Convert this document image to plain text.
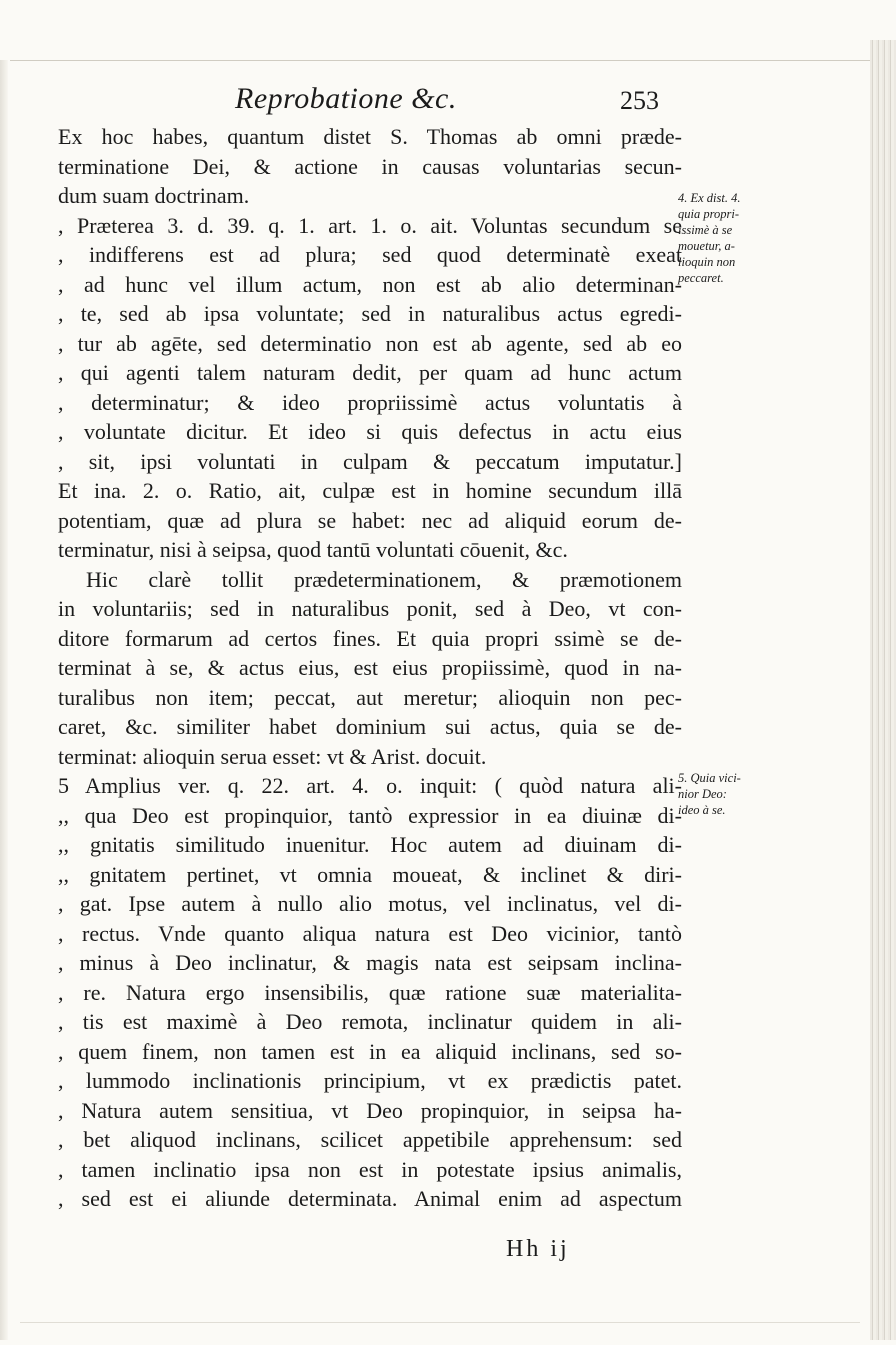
Reprobatione &c.	253
Ex hoc habes, quantum distet S. Thomas ab omni præde-
terminatione Dei, & actione in causas voluntarias secun-
dum suam doctrinam.
, Præterea 3. d. 39. q. 1. art. 1. o. ait. Voluntas secundum se
, indifferens est ad plura; sed quod determinatè exeat
, ad hunc vel illum actum, non est ab alio determinan-
, te, sed ab ipsa voluntate; sed in naturalibus actus egredi-
, tur ab agēte, sed determinatio non est ab agente, sed ab eo
, qui agenti talem naturam dedit, per quam ad hunc actum
, determinatur; & ideo propriissimè actus voluntatis à
, voluntate dicitur. Et ideo si quis defectus in actu eius
, sit, ipsi voluntati in culpam & peccatum imputatur.]
Et ina. 2. o. Ratio, ait, culpæ est in homine secundum illā
potentiam, quæ ad plura se habet: nec ad aliquid eorum de-
terminatur, nisi à seipsa, quod tantū voluntati cōuenit, &c.
Hic clarè tollit prædeterminationem, & præmotionem
in voluntariis; sed in naturalibus ponit, sed à Deo, vt con-
ditore formarum ad certos fines. Et quia propri ssimè se de-
terminat à se, & actus eius, est eius propiissimè, quod in na-
turalibus non item; peccat, aut meretur; alioquin non pec-
caret, &c. similiter habet dominium sui actus, quia se de-
terminat: alioquin serua esset: vt & Arist. docuit.
5 Amplius ver. q. 22. art. 4. o. inquit: ( quòd natura ali-
,, qua Deo est propinquior, tantò expressior in ea diuinæ di-
,, gnitatis similitudo inuenitur. Hoc autem ad diuinam di-
,, gnitatem pertinet, vt omnia moueat, & inclinet & diri-
, gat. Ipse autem à nullo alio motus, vel inclinatus, vel di-
, rectus. Vnde quanto aliqua natura est Deo vicinior, tantò
, minus à Deo inclinatur, & magis nata est seipsam inclina-
, re. Natura ergo insensibilis, quæ ratione suæ materialita-
, tis est maximè à Deo remota, inclinatur quidem in ali-
, quem finem, non tamen est in ea aliquid inclinans, sed so-
, lummodo inclinationis principium, vt ex prædictis patet.
, Natura autem sensitiua, vt Deo propinquior, in seipsa ha-
, bet aliquod inclinans, scilicet appetibile apprehensum: sed
, tamen inclinatio ipsa non est in potestate ipsius animalis,
, sed est ei aliunde determinata. Animal enim ad aspectum
4. Ex dist. 4.
quia propri-
issimè à se
mouetur, a-
lioquin non
peccaret.
5. Quia vici-
nior Deo:
ideo à se.
Hh ij
